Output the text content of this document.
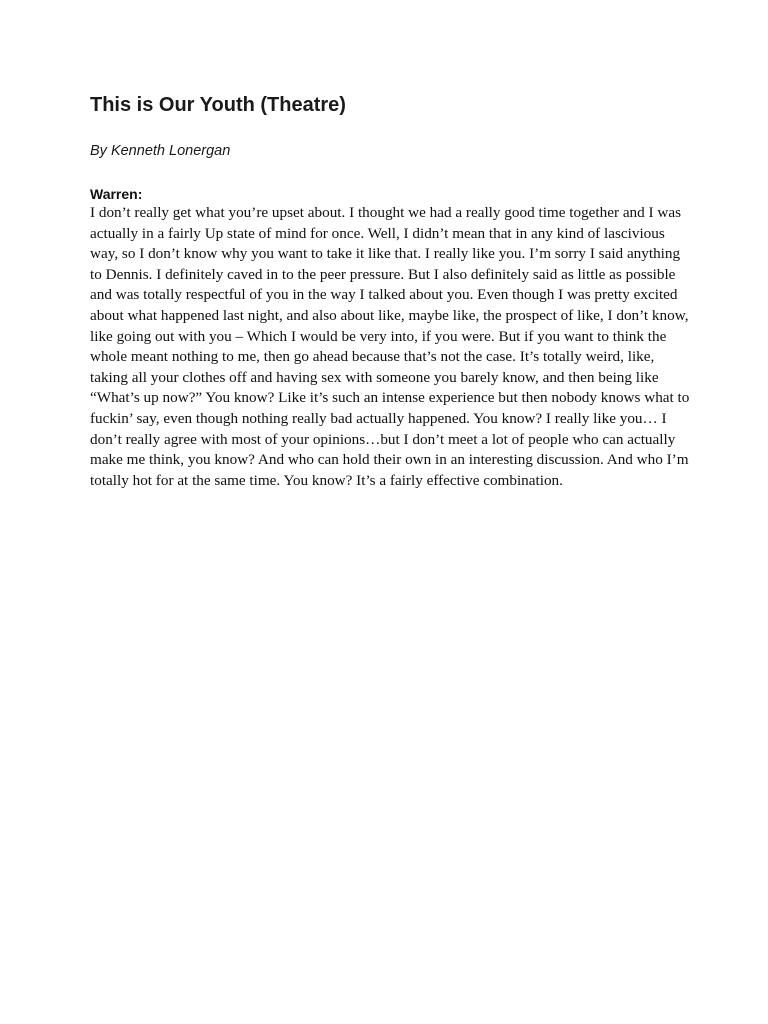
This is Our Youth (Theatre)

By Kenneth Lonergan

Warren:

I don’t really get what you’re upset about. I thought we had a really good time together and I was actually in a fairly Up state of mind for once. Well, I didn’t mean that in any kind of lascivious way, so I don’t know why you want to take it like that. I really like you. I’m sorry I said anything to Dennis. I definitely caved in to the peer pressure. But I also definitely said as little as possible and was totally respectful of you in the way I talked about you. Even though I was pretty excited about what happened last night, and also about like, maybe like, the prospect of like, I don’t know, like going out with you – Which I would be very into, if you were. But if you want to think the whole meant nothing to me, then go ahead because that’s not the case. It’s totally weird, like, taking all your clothes off and having sex with someone you barely know, and then being like “What’s up now?” You know? Like it’s such an intense experience but then nobody knows what to fuckin’ say, even though nothing really bad actually happened. You know? I really like you… I don’t really agree with most of your opinions…but I don’t meet a lot of people who can actually make me think, you know? And who can hold their own in an interesting discussion. And who I’m totally hot for at the same time. You know? It’s a fairly effective combination.
